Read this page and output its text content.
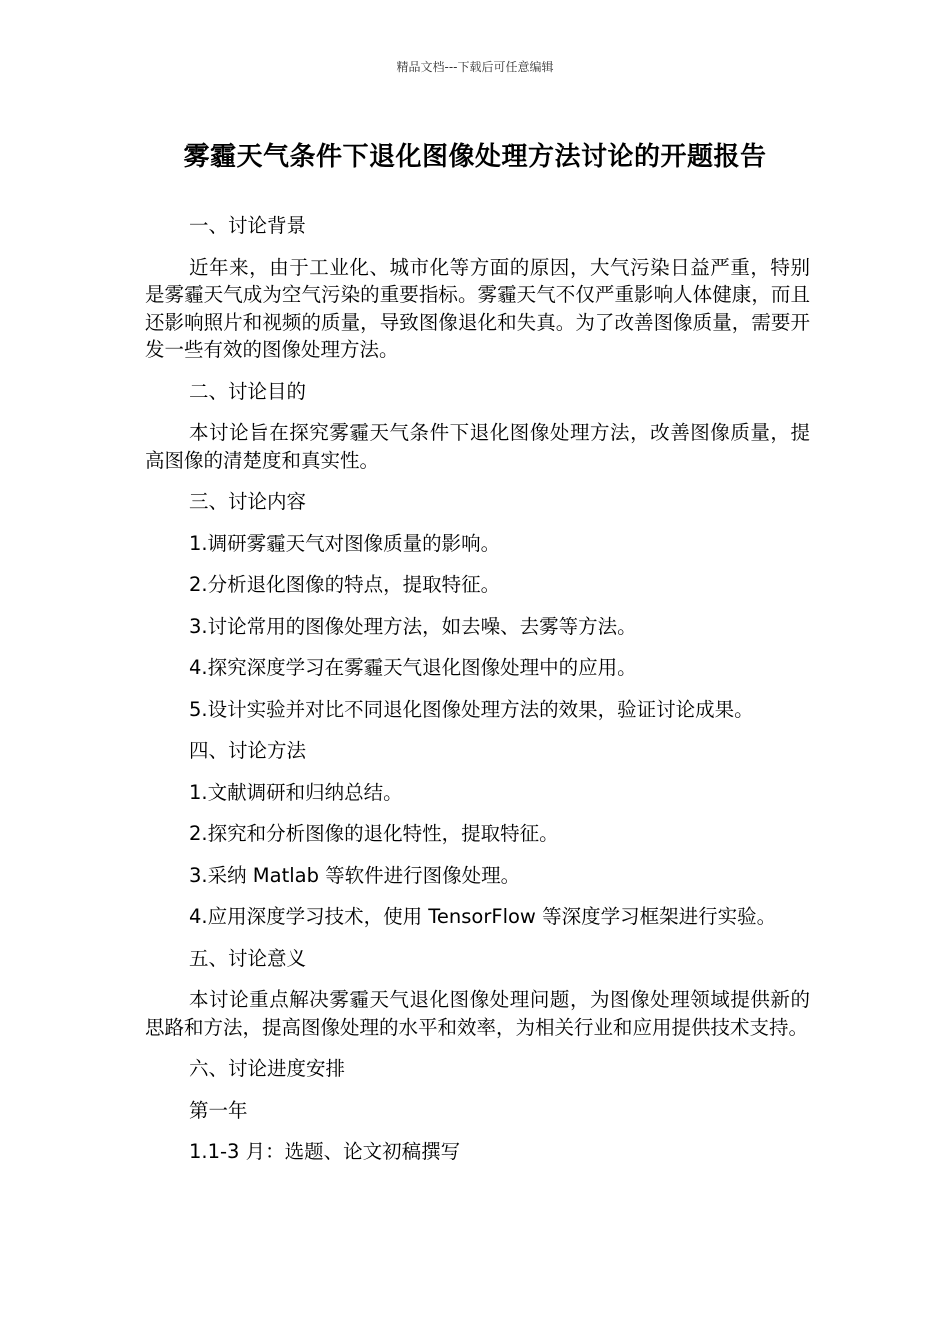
精品文档---下载后可任意编辑
雾霾天气条件下退化图像处理方法讨论的开题报告

一、讨论背景

近年来，由于工业化、城市化等方面的原因，大气污染日益严重，特别是雾霾天气成为空气污染的重要指标。雾霾天气不仅严重影响人体健康，而且还影响照片和视频的质量，导致图像退化和失真。为了改善图像质量，需要开发一些有效的图像处理方法。

二、讨论目的

本讨论旨在探究雾霾天气条件下退化图像处理方法，改善图像质量，提高图像的清楚度和真实性。

三、讨论内容

1.调研雾霾天气对图像质量的影响。

2.分析退化图像的特点，提取特征。

3.讨论常用的图像处理方法，如去噪、去雾等方法。

4.探究深度学习在雾霾天气退化图像处理中的应用。

5.设计实验并对比不同退化图像处理方法的效果，验证讨论成果。

四、讨论方法

1.文献调研和归纳总结。

2.探究和分析图像的退化特性，提取特征。

3.采纳 Matlab 等软件进行图像处理。

4.应用深度学习技术，使用 TensorFlow 等深度学习框架进行实验。

五、讨论意义

本讨论重点解决雾霾天气退化图像处理问题，为图像处理领域提供新的思路和方法，提高图像处理的水平和效率，为相关行业和应用提供技术支持。

六、讨论进度安排

第一年

1.1-3 月：选题、论文初稿撰写
